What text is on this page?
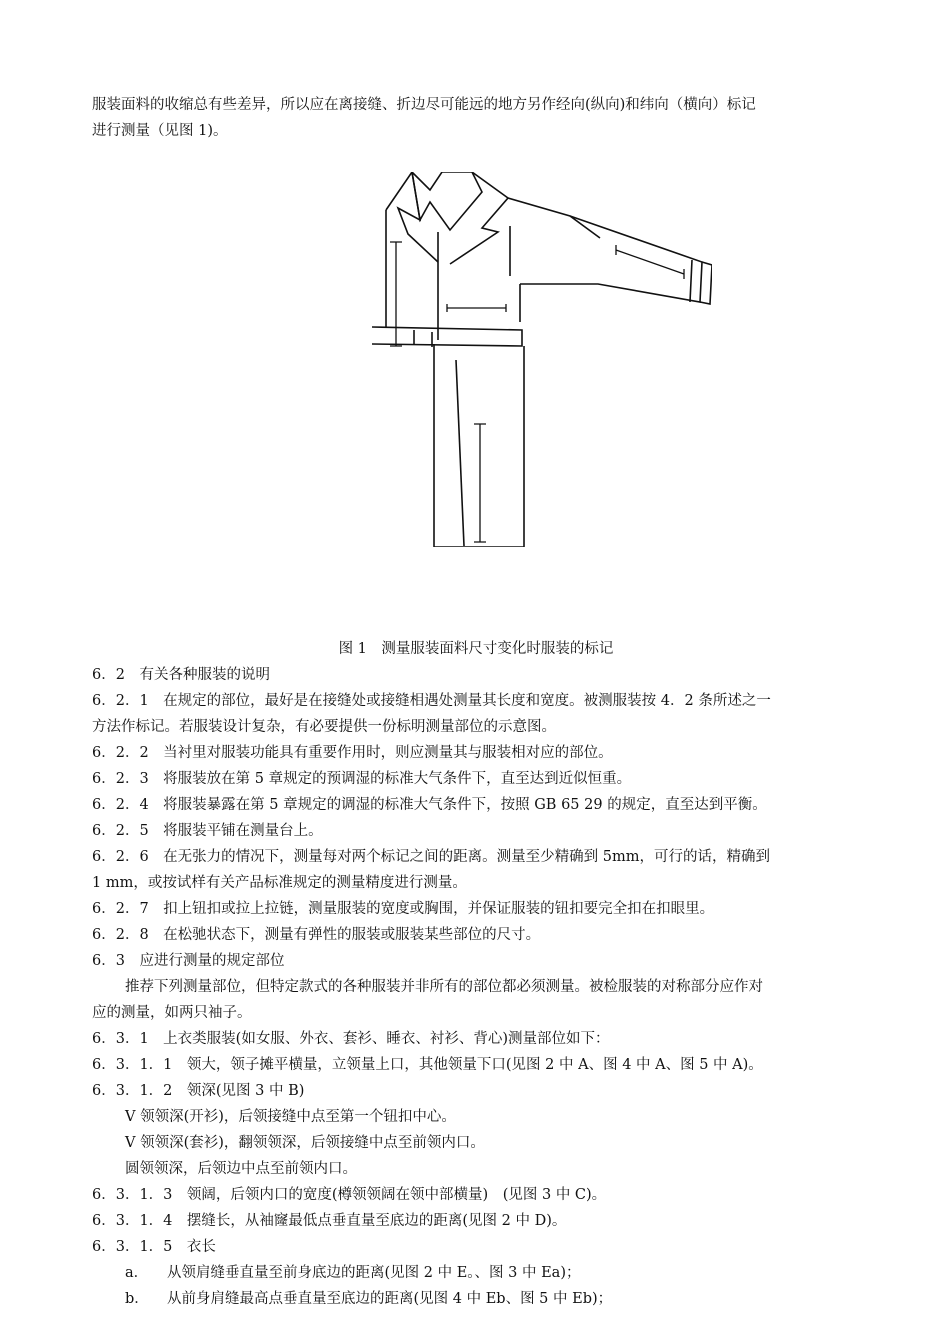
服装面料的收缩总有些差异，所以应在离接缝、折边尽可能远的地方另作经向(纵向)和纬向（横向）标记

进行测量（见图 1)。

图 1　测量服装面料尺寸变化时服装的标记

6．2　有关各种服装的说明

6．2．1　在规定的部位，最好是在接缝处或接缝相遇处测量其长度和宽度。被测服装按 4．2 条所述之一

方法作标记。若服装设计复杂，有必要提供一份标明测量部位的示意图。

6．2．2　当衬里对服装功能具有重要作用时，则应测量其与服装相对应的部位。

6．2．3　将服装放在第 5 章规定的预调湿的标准大气条件下，直至达到近似恒重。

6．2．4　将服装暴露在第 5 章规定的调湿的标准大气条件下，按照 GB 65 29 的规定，直至达到平衡。

6．2．5　将服装平铺在测量台上。

6．2．6　在无张力的情况下，测量每对两个标记之间的距离。测量至少精确到 5mm，可行的话，精确到

1 mm，或按试样有关产品标准规定的测量精度进行测量。

6．2．7　扣上钮扣或拉上拉链，测量服装的宽度或胸围，并保证服装的钮扣要完全扣在扣眼里。

6．2．8　在松驰状态下，测量有弹性的服装或服装某些部位的尺寸。

6．3　应进行测量的规定部位

推荐下列测量部位，但特定款式的各种服装并非所有的部位都必须测量。被检服装的对称部分应作对

应的测量，如两只袖子。

6．3．1　上衣类服装(如女服、外衣、套衫、睡衣、衬衫、背心)测量部位如下：

6．3．1．1　领大，领子摊平横量，立领量上口，其他领量下口(见图 2 中 A、图 4 中 A、图 5 中 A)。

6．3．1．2　领深(见图 3 中 B)

V 领领深(开衫)，后领接缝中点至第一个钮扣中心。

V 领领深(套衫)，翻领领深，后领接缝中点至前领内口。

圆领领深，后领边中点至前领内口。

6．3．1．3　领阔，后领内口的宽度(樽领领阔在领中部横量)　(见图 3 中 C)。

6．3．1．4　摆缝长，从袖窿最低点垂直量至底边的距离(见图 2 中 D)。

6．3．1．5　衣长

a．	从领肩缝垂直量至前身底边的距离(见图 2 中 E。、图 3 中 Ea)；

b．	从前身肩缝最高点垂直量至底边的距离(见图 4 中 Eb、图 5 中 Eb)；
